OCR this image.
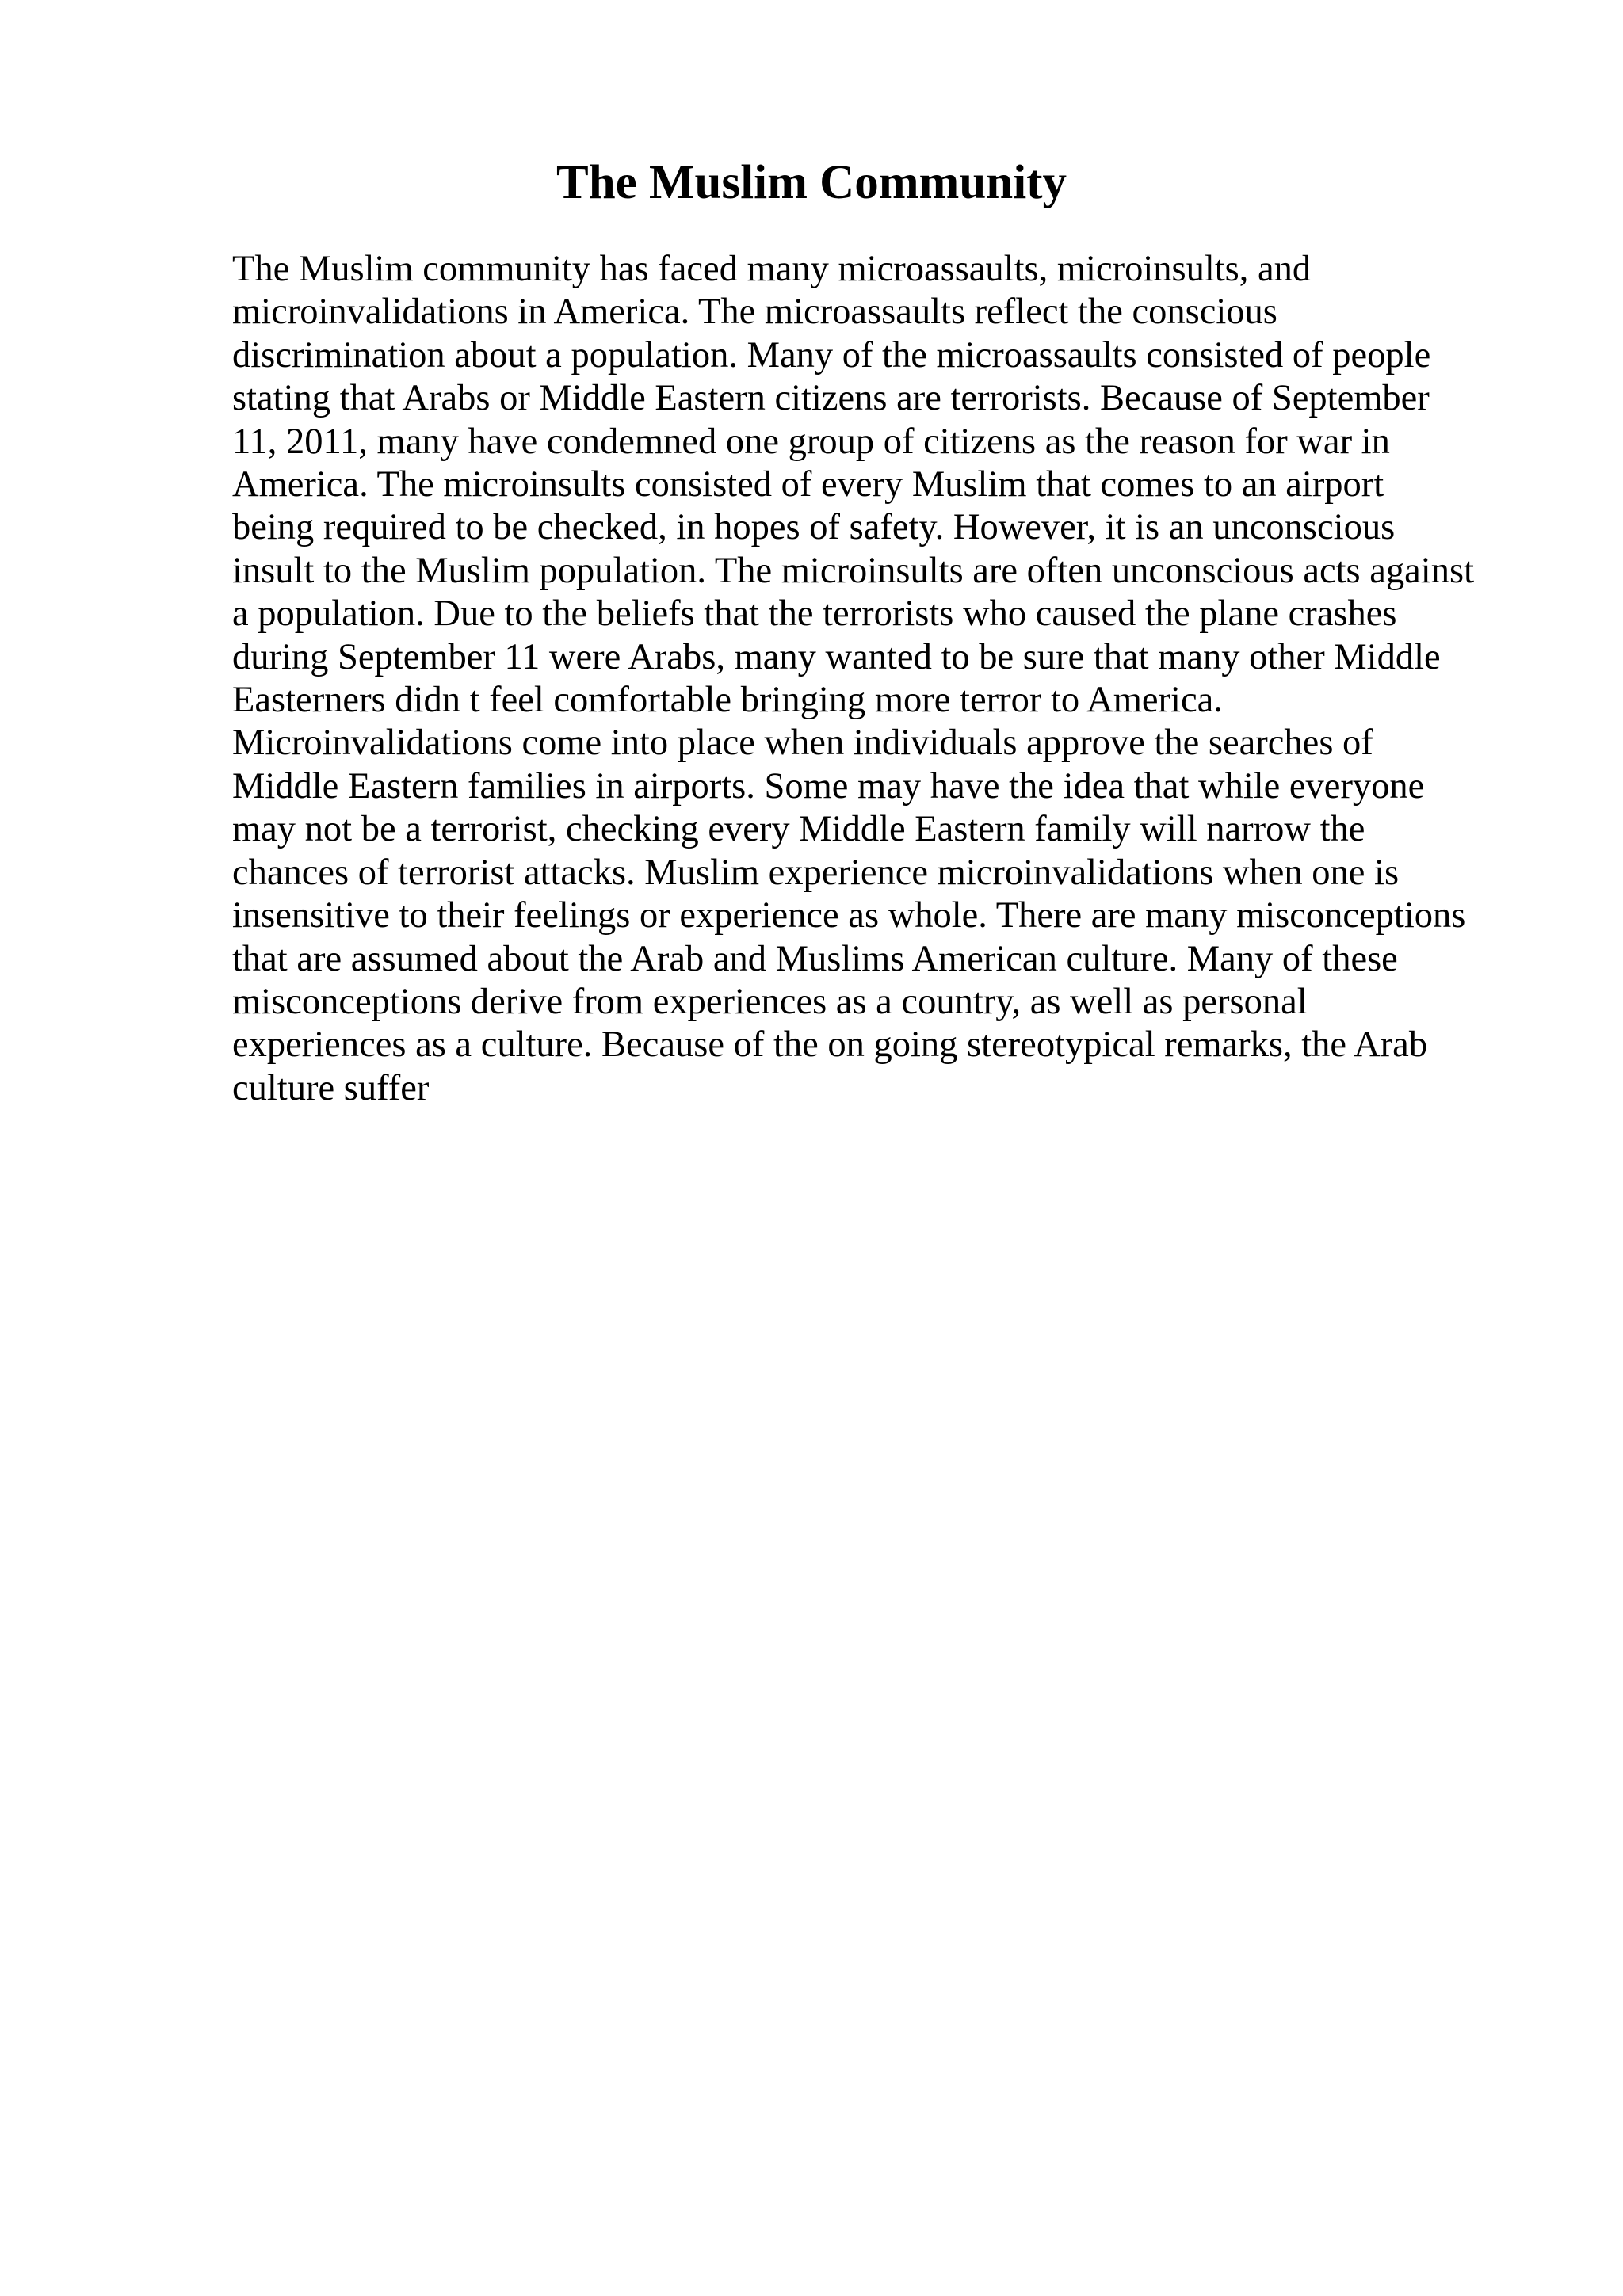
The Muslim Community
The Muslim community has faced many microassaults, microinsults, and
microinvalidations in America. The microassaults reflect the conscious
discrimination about a population. Many of the microassaults consisted of people
stating that Arabs or Middle Eastern citizens are terrorists. Because of September
11, 2011, many have condemned one group of citizens as the reason for war in
America. The microinsults consisted of every Muslim that comes to an airport
being required to be checked, in hopes of safety. However, it is an unconscious
insult to the Muslim population. The microinsults are often unconscious acts against
a population. Due to the beliefs that the terrorists who caused the plane crashes
during September 11 were Arabs, many wanted to be sure that many other Middle
Easterners didn t feel comfortable bringing more terror to America.
Microinvalidations come into place when individuals approve the searches of
Middle Eastern families in airports. Some may have the idea that while everyone
may not be a terrorist, checking every Middle Eastern family will narrow the
chances of terrorist attacks. Muslim experience microinvalidations when one is
insensitive to their feelings or experience as whole. There are many misconceptions
that are assumed about the Arab and Muslims American culture. Many of these
misconceptions derive from experiences as a country, as well as personal
experiences as a culture. Because of the on going stereotypical remarks, the Arab
culture suffer
